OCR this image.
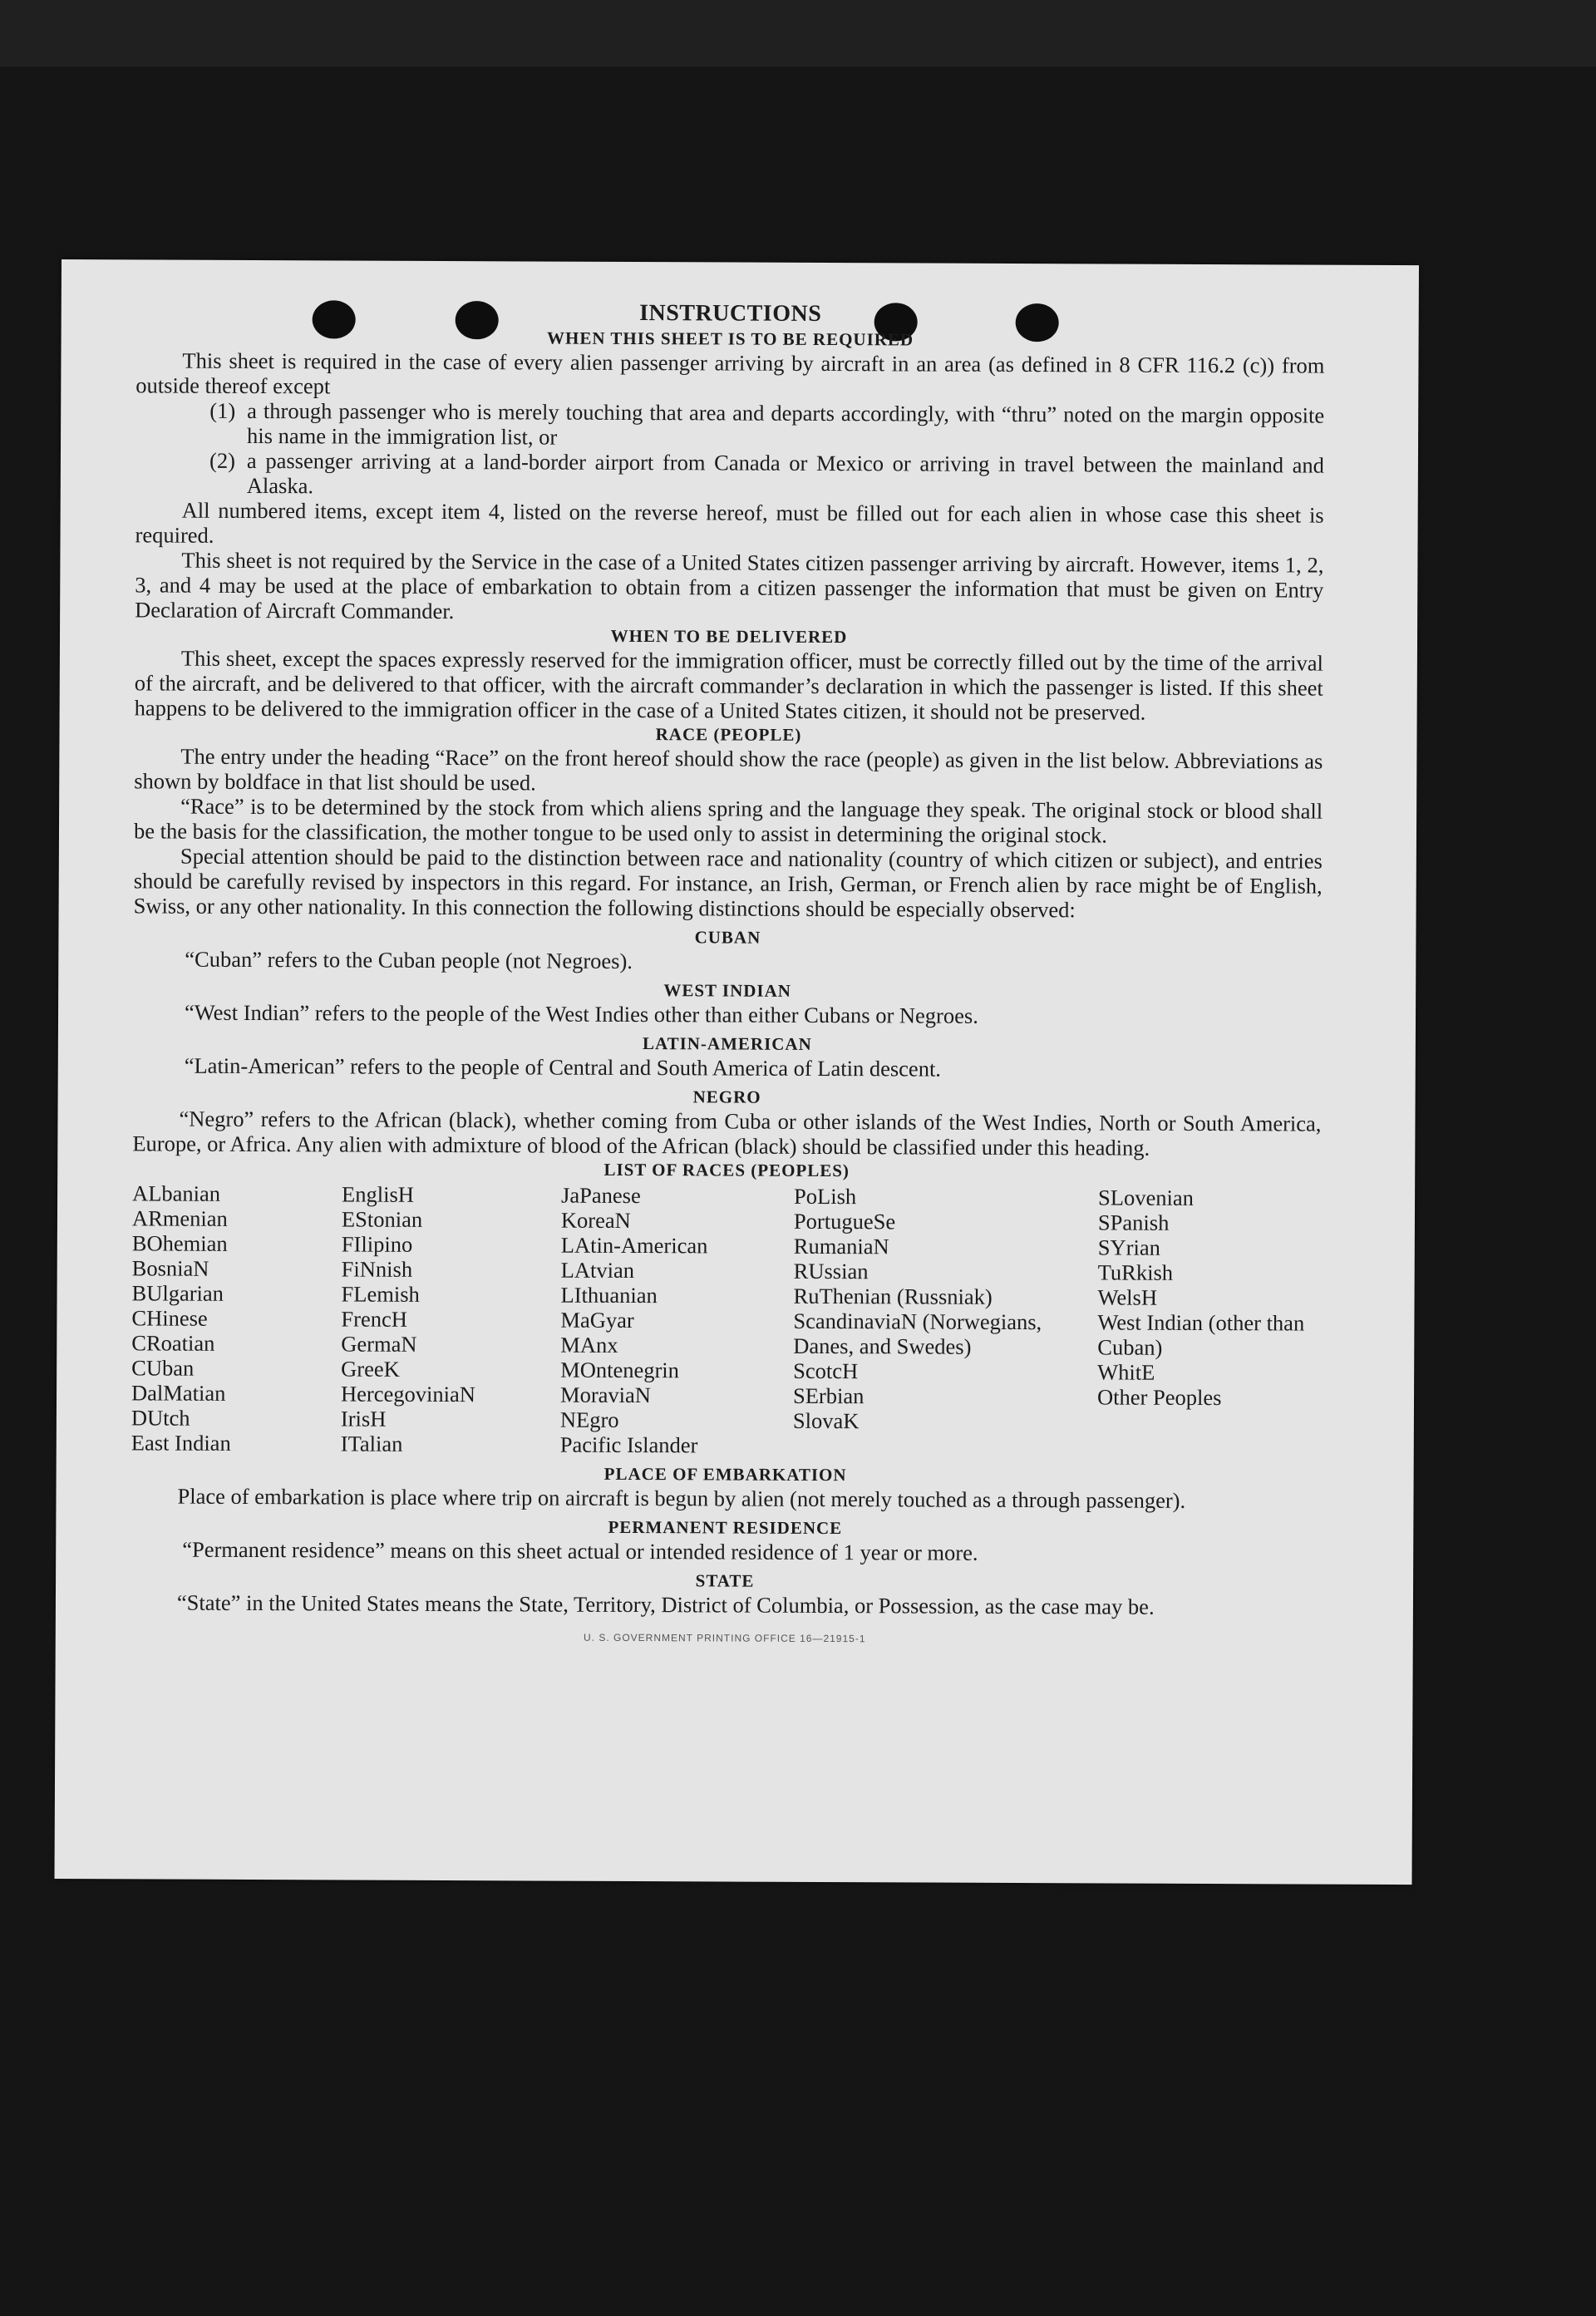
INSTRUCTIONS
WHEN THIS SHEET IS TO BE REQUIRED

This sheet is required in the case of every alien passenger arriving by aircraft in an area (as defined in 8 CFR 116.2 (c)) from outside thereof except

(1) a through passenger who is merely touching that area and departs accordingly, with “thru” noted on the margin opposite his name in the immigration list, or
(2) a passenger arriving at a land-border airport from Canada or Mexico or arriving in travel between the mainland and Alaska.

All numbered items, except item 4, listed on the reverse hereof, must be filled out for each alien in whose case this sheet is required.

This sheet is not required by the Service in the case of a United States citizen passenger arriving by aircraft. However, items 1, 2, 3, and 4 may be used at the place of embarkation to obtain from a citizen passenger the information that must be given on Entry Declaration of Aircraft Commander.

WHEN TO BE DELIVERED

This sheet, except the spaces expressly reserved for the immigration officer, must be correctly filled out by the time of the arrival of the aircraft, and be delivered to that officer, with the aircraft commander’s declaration in which the passenger is listed. If this sheet happens to be delivered to the immigration officer in the case of a United States citizen, it should not be preserved.

RACE (PEOPLE)

The entry under the heading “Race” on the front hereof should show the race (people) as given in the list below. Abbreviations as shown by boldface in that list should be used.

“Race” is to be determined by the stock from which aliens spring and the language they speak. The original stock or blood shall be the basis for the classification, the mother tongue to be used only to assist in determining the original stock.

Special attention should be paid to the distinction between race and nationality (country of which citizen or subject), and entries should be carefully revised by inspectors in this regard. For instance, an Irish, German, or French alien by race might be of English, Swiss, or any other nationality. In this connection the following distinctions should be especially observed:

CUBAN

“Cuban” refers to the Cuban people (not Negroes).

WEST INDIAN

“West Indian” refers to the people of the West Indies other than either Cubans or Negroes.

LATIN-AMERICAN

“Latin-American” refers to the people of Central and South America of Latin descent.

NEGRO

“Negro” refers to the African (black), whether coming from Cuba or other islands of the West Indies, North or South America, Europe, or Africa. Any alien with admixture of blood of the African (black) should be classified under this heading.

LIST OF RACES (PEOPLES)
ALbanian
ARmenian
BOhemian
BosniaN
BUlgarian
CHinese
CRoatian
CUban
DalMatian
DUtch
East Indian
EnglisH
EStonian
FIlipino
FiNnish
FLemish
FrencH
GermaN
GreeK
HercegoviniaN
IrisH
ITalian
JaPanese
KoreaN
LAtin-American
LAtvian
LIthuanian
MaGyar
MAnx
MOntenegrin
MoraviaN
NEgro
Pacific Islander
PoLish
PortugueSe
RumaniaN
RUssian
RuThenian (Russniak)
ScandinaviaN (Norwegians, Danes, and Swedes)
ScotcH
SErbian
SlovaK
SLovenian
SPanish
SYrian
TuRkish
WelsH
West Indian (other than Cuban)
WhitE
Other Peoples
PLACE OF EMBARKATION

Place of embarkation is place where trip on aircraft is begun by alien (not merely touched as a through passenger).

PERMANENT RESIDENCE

“Permanent residence” means on this sheet actual or intended residence of 1 year or more.

STATE

“State” in the United States means the State, Territory, District of Columbia, or Possession, as the case may be.

U. S. GOVERNMENT PRINTING OFFICE 16—21915-1
